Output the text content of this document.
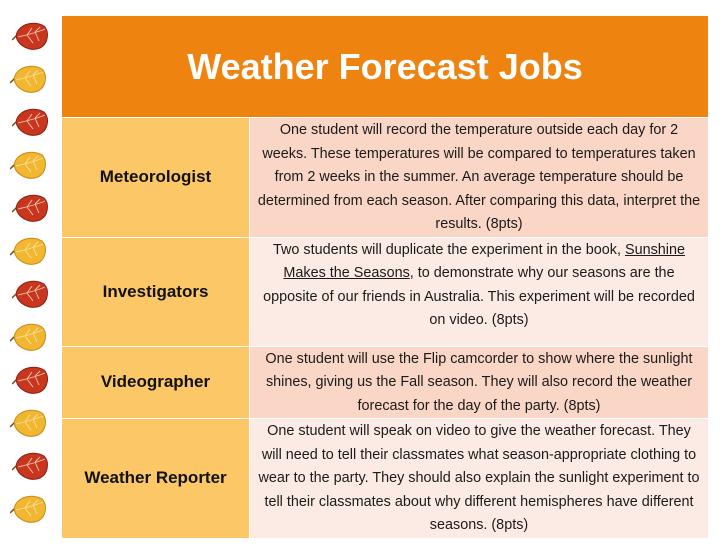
Weather Forecast Jobs	
Meteorologist	One student will record the temperature outside each day for 2 weeks. These temperatures will be compared to temperatures taken from 2 weeks in the summer. An average temperature should be determined from each season. After comparing this data, interpret the results. (8pts)
Investigators	Two students will duplicate the experiment in the book, Sunshine Makes the Seasons, to demonstrate why our seasons are the opposite of our friends in Australia. This experiment will be recorded on video. (8pts)
Videographer	One student will use the Flip camcorder to show where the sunlight shines, giving us the Fall season. They will also record the weather forecast for the day of the party. (8pts)
Weather Reporter	One student will speak on video to give the weather forecast. They will need to tell their classmates what season-appropriate clothing to wear to the party. They should also explain the sunlight experiment to tell their classmates about why different hemispheres have different seasons. (8pts)
